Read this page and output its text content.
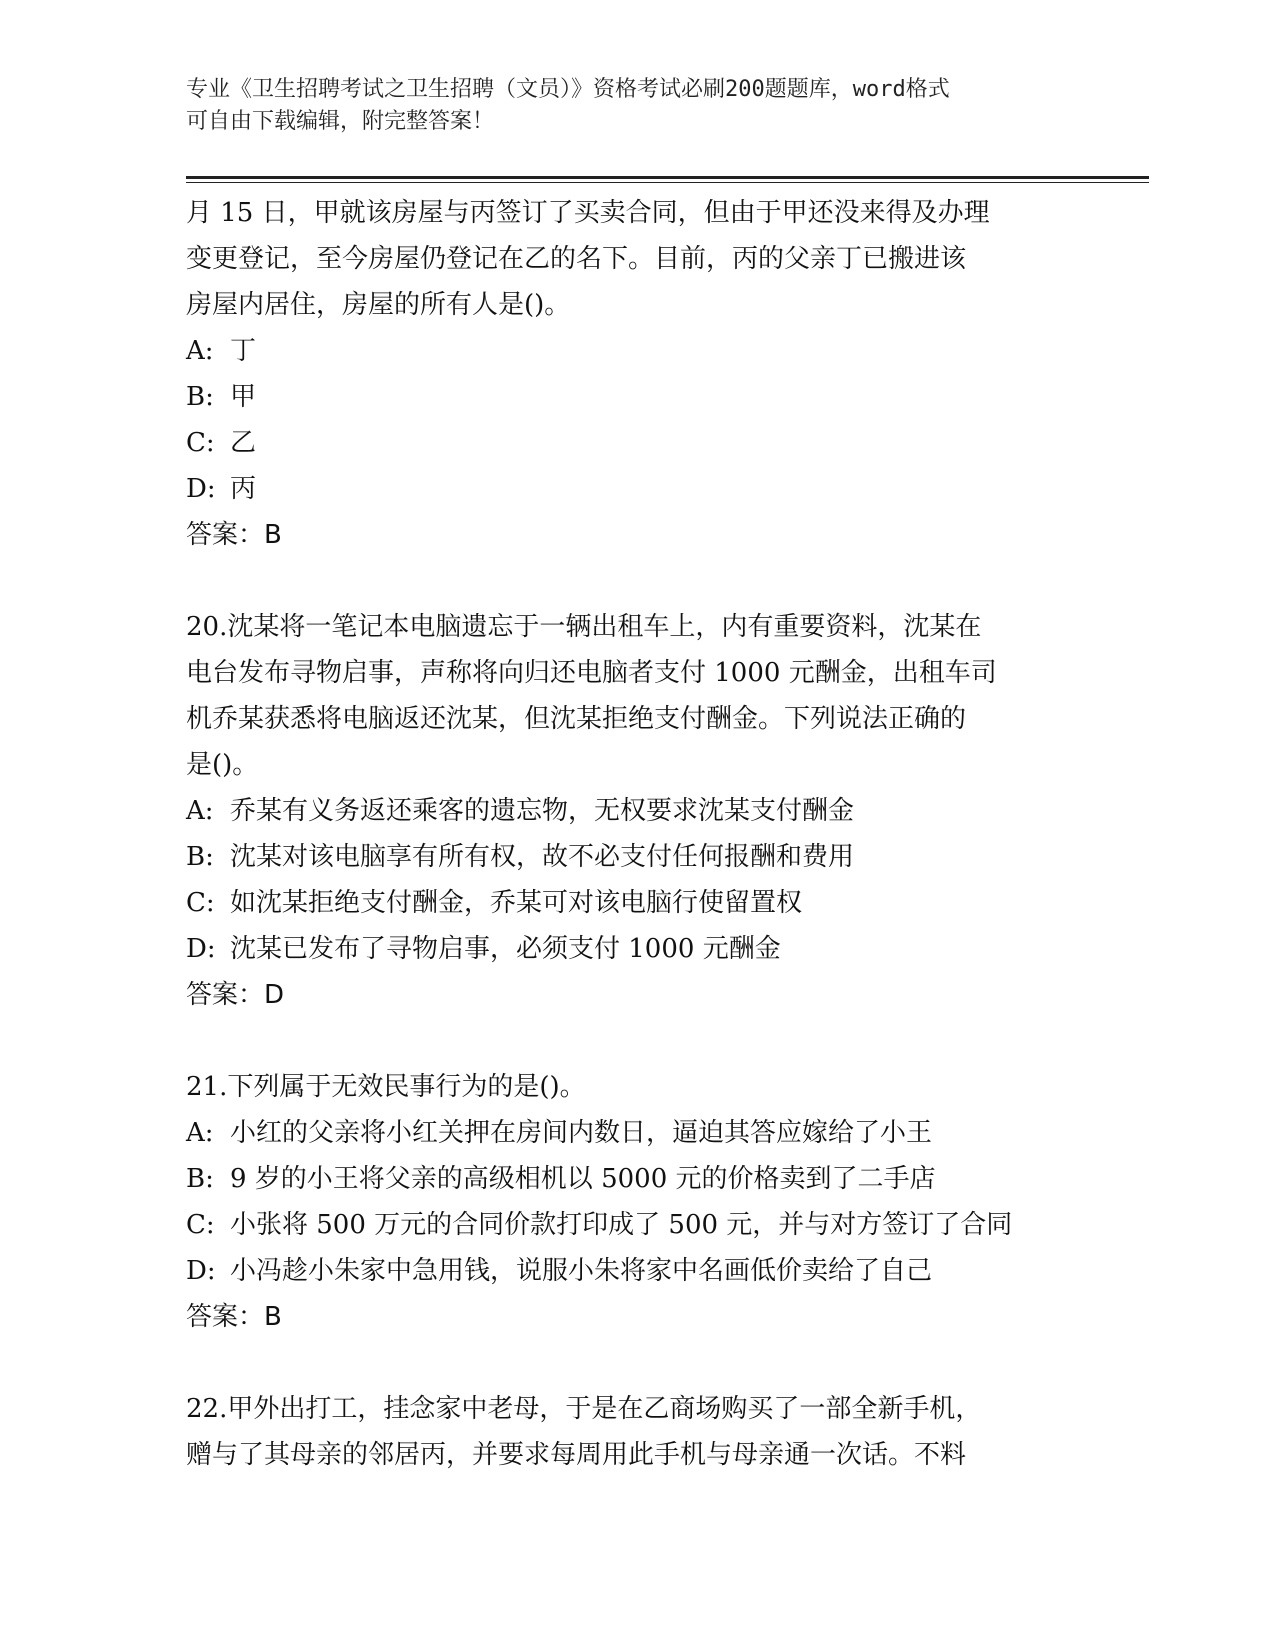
专业《卫生招聘考试之卫生招聘（文员）》资格考试必刷200题题库，word格式
可自由下载编辑，附完整答案！
月 15 日，甲就该房屋与丙签订了买卖合同，但由于甲还没来得及办理
变更登记，至今房屋仍登记在乙的名下。目前，丙的父亲丁已搬进该
房屋内居住，房屋的所有人是()。
A: 丁
B: 甲
C: 乙
D: 丙
答案：B
20.沈某将一笔记本电脑遗忘于一辆出租车上，内有重要资料，沈某在
电台发布寻物启事，声称将向归还电脑者支付 1000 元酬金，出租车司
机乔某获悉将电脑返还沈某，但沈某拒绝支付酬金。下列说法正确的
是()。
A: 乔某有义务返还乘客的遗忘物，无权要求沈某支付酬金
B: 沈某对该电脑享有所有权，故不必支付任何报酬和费用
C: 如沈某拒绝支付酬金，乔某可对该电脑行使留置权
D: 沈某已发布了寻物启事，必须支付 1000 元酬金
答案：D
21.下列属于无效民事行为的是()。
A: 小红的父亲将小红关押在房间内数日，逼迫其答应嫁给了小王
B: 9 岁的小王将父亲的高级相机以 5000 元的价格卖到了二手店
C: 小张将 500 万元的合同价款打印成了 500 元，并与对方签订了合同
D: 小冯趁小朱家中急用钱，说服小朱将家中名画低价卖给了自己
答案：B
22.甲外出打工，挂念家中老母，于是在乙商场购买了一部全新手机，
赠与了其母亲的邻居丙，并要求每周用此手机与母亲通一次话。不料
